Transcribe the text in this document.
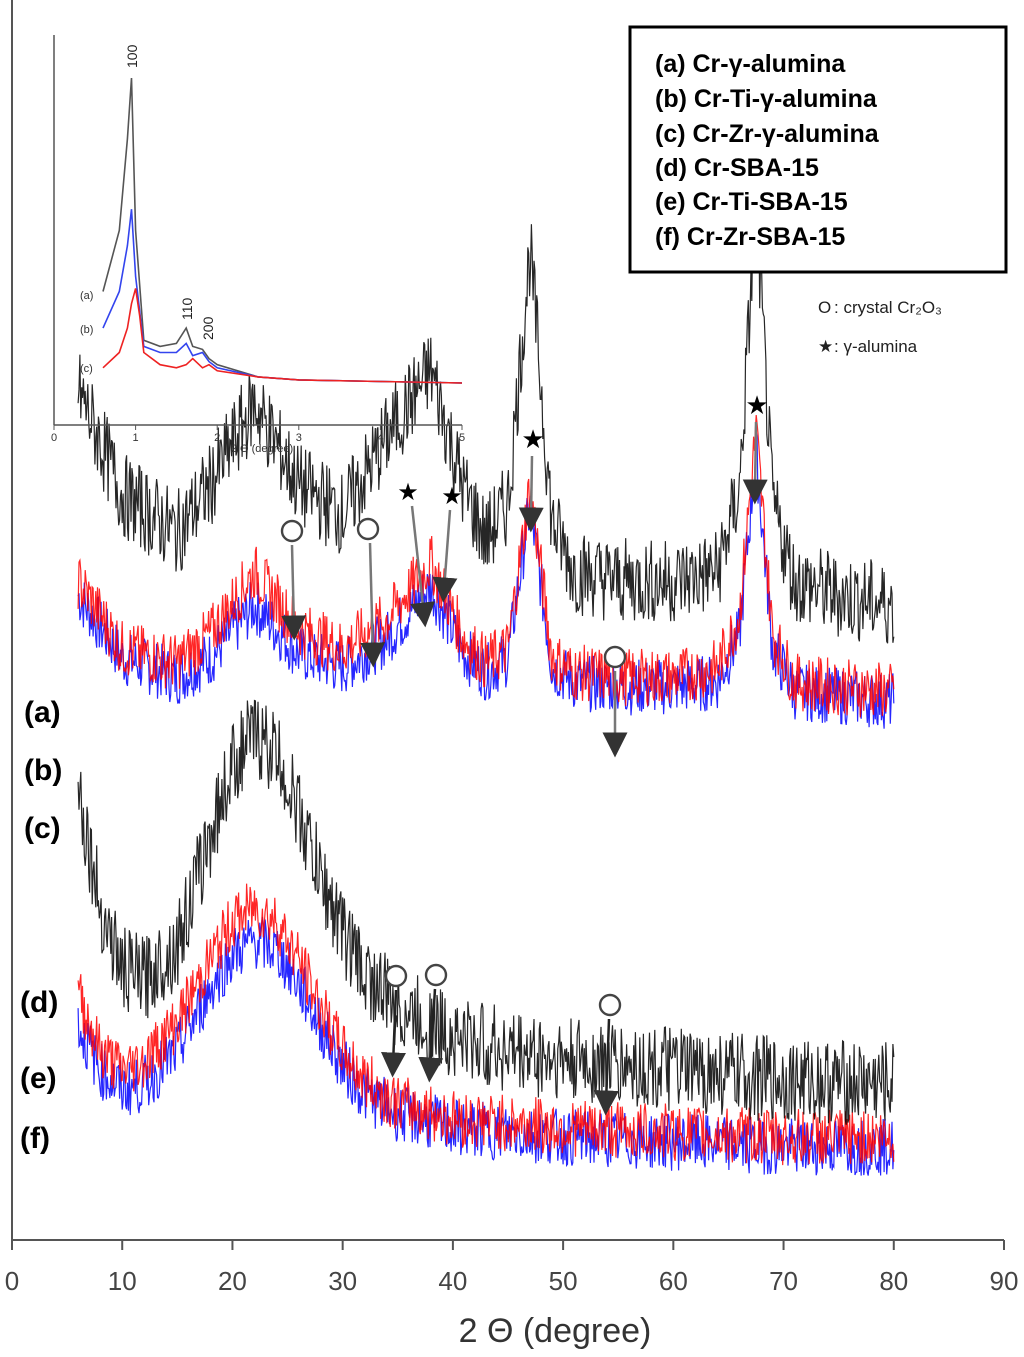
0	10	20	30	40	50	60	70	80	90
2 Θ (degree)
(a)
(b)
(c)
(d)
(e)
(f)
★ ★
★
★
(a) Cr-γ-alumina
(b) Cr-Ti-γ-alumina
(c) Cr-Zr-γ-alumina
(d) Cr-SBA-15
(e) Cr-Ti-SBA-15
(f) Cr-Zr-SBA-15
O : crystal Cr₂O₃
★ : γ-alumina
0	1	2	3	4	5
2 Θ (degree)
(a)
(b)
(c)
100
110
200
